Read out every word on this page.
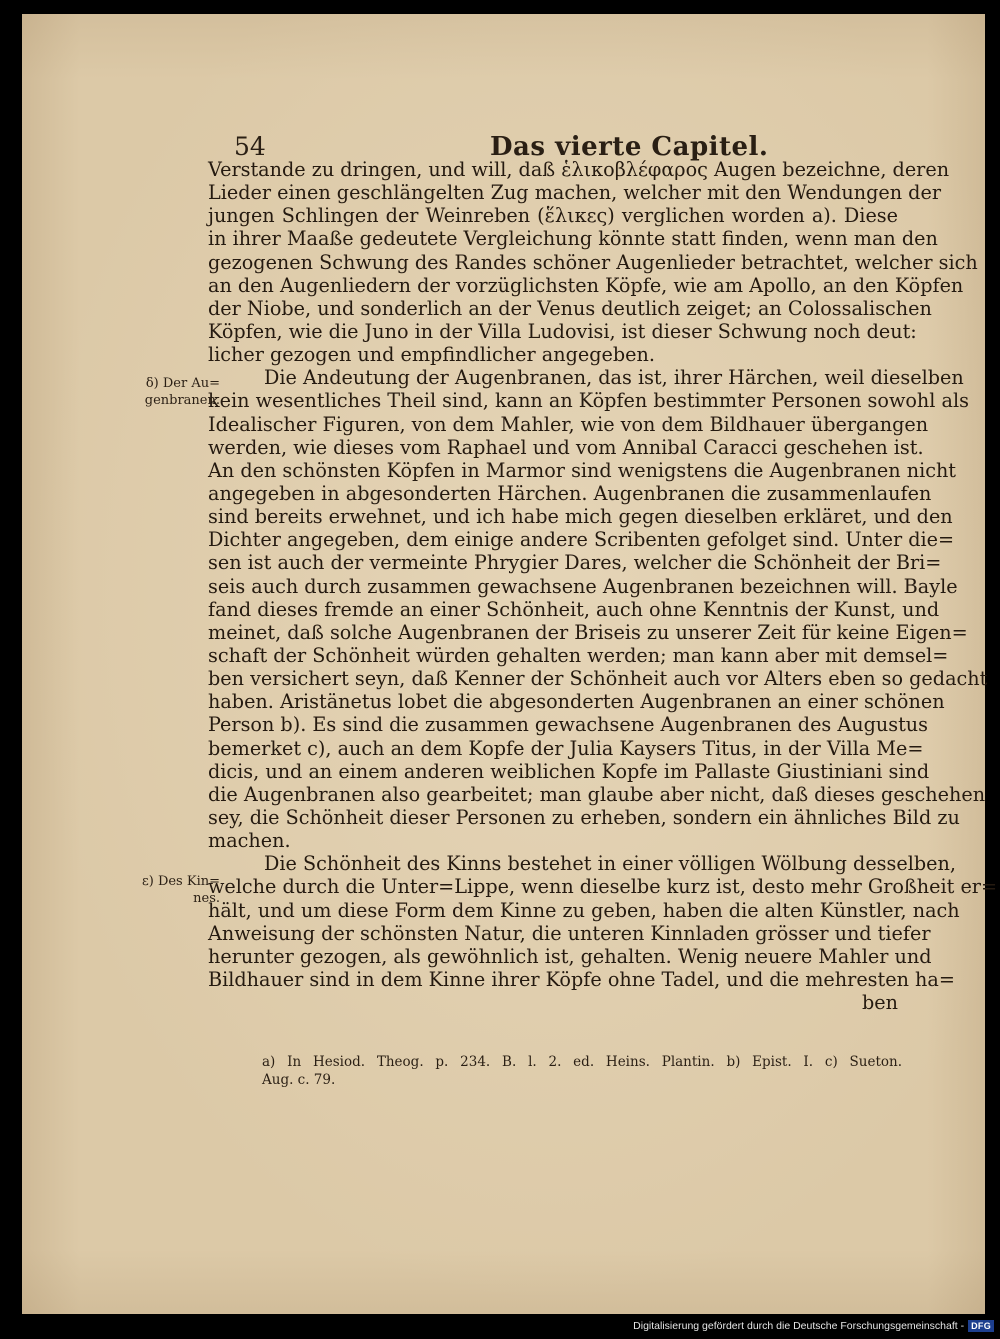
54	Das vierte Capitel.
Verstande zu dringen, und will, daß ἑλικοβλέφαρος Augen bezeichne, deren
Lieder einen geschlängelten Zug machen, welcher mit den Wendungen der
jungen Schlingen der Weinreben (ἕλικες) verglichen worden a). Diese
in ihrer Maaße gedeutete Vergleichung könnte statt finden, wenn man den
gezogenen Schwung des Randes schöner Augenlieder betrachtet, welcher sich
an den Augenliedern der vorzüglichsten Köpfe, wie am Apollo, an den Köpfen
der Niobe, und sonderlich an der Venus deutlich zeiget; an Colossalischen
Köpfen, wie die Juno in der Villa Ludovisi, ist dieser Schwung noch deut:
licher gezogen und empfindlicher angegeben.
Die Andeutung der Augenbranen, das ist, ihrer Härchen, weil dieselben
kein wesentliches Theil sind, kann an Köpfen bestimmter Personen sowohl als
Idealischer Figuren, von dem Mahler, wie von dem Bildhauer übergangen
werden, wie dieses vom Raphael und vom Annibal Caracci geschehen ist.
An den schönsten Köpfen in Marmor sind wenigstens die Augenbranen nicht
angegeben in abgesonderten Härchen. Augenbranen die zusammenlaufen
sind bereits erwehnet, und ich habe mich gegen dieselben erkläret, und den
Dichter angegeben, dem einige andere Scribenten gefolget sind. Unter die=
sen ist auch der vermeinte Phrygier Dares, welcher die Schönheit der Bri=
seis auch durch zusammen gewachsene Augenbranen bezeichnen will. Bayle
fand dieses fremde an einer Schönheit, auch ohne Kenntnis der Kunst, und
meinet, daß solche Augenbranen der Briseis zu unserer Zeit für keine Eigen=
schaft der Schönheit würden gehalten werden; man kann aber mit demsel=
ben versichert seyn, daß Kenner der Schönheit auch vor Alters eben so gedacht
haben. Aristänetus lobet die abgesonderten Augenbranen an einer schönen
Person b). Es sind die zusammen gewachsene Augenbranen des Augustus
bemerket c), auch an dem Kopfe der Julia Kaysers Titus, in der Villa Me=
dicis, und an einem anderen weiblichen Kopfe im Pallaste Giustiniani sind
die Augenbranen also gearbeitet; man glaube aber nicht, daß dieses geschehen
sey, die Schönheit dieser Personen zu erheben, sondern ein ähnliches Bild zu
machen.
Die Schönheit des Kinns bestehet in einer völligen Wölbung desselben,
welche durch die Unter=Lippe, wenn dieselbe kurz ist, desto mehr Großheit er=
hält, und um diese Form dem Kinne zu geben, haben die alten Künstler, nach
Anweisung der schönsten Natur, die unteren Kinnladen grösser und tiefer
herunter gezogen, als gewöhnlich ist, gehalten. Wenig neuere Mahler und
Bildhauer sind in dem Kinne ihrer Köpfe ohne Tadel, und die mehresten ha=
ben
δ) Der Au=
genbranen.
ε) Des Kin=
nes.
a) In Hesiod. Theog. p. 234. B. l. 2. ed. Heins. Plantin. b) Epist. I. c) Sueton.
Aug. c. 79.
Digitalisierung gefördert durch die Deutsche Forschungsgemeinschaft - DFG
